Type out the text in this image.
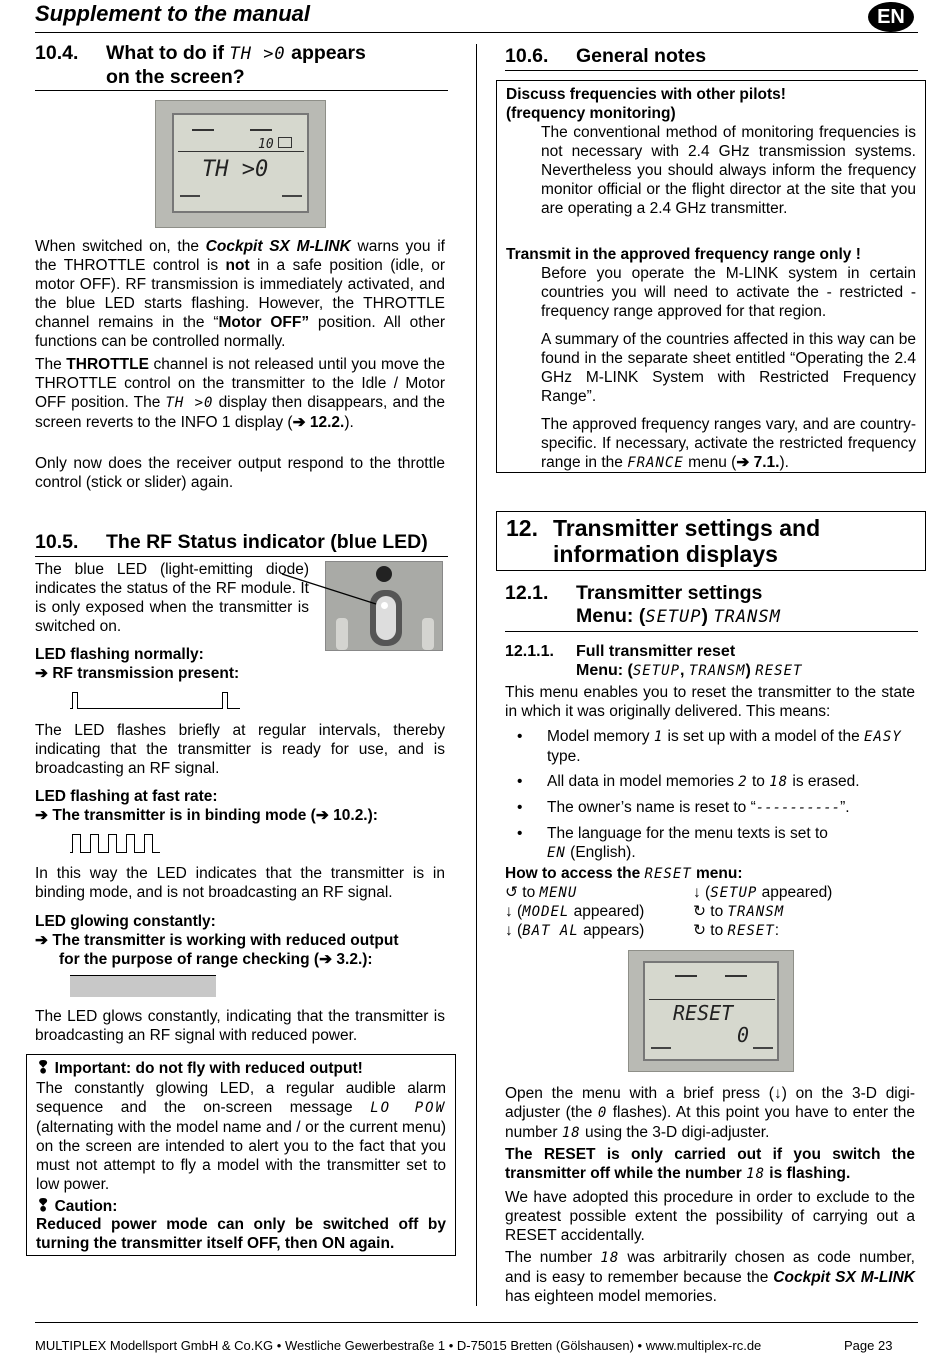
Supplement to the manual	EN
10.4. What to do if TH >0 appears
on the screen?
10
TH >0

When switched on, the Cockpit SX M-LINK warns you if the THROTTLE control is not in a safe position (idle, or motor OFF). RF transmission is immediately activated, and the blue LED starts flashing. However, the THROTTLE channel remains in the “Motor OFF” position. All other functions can be controlled normally.

The THROTTLE channel is not released until you move the THROTTLE control on the transmitter to the Idle / Motor OFF position. The TH >0 display then disappears, and the screen reverts to the INFO 1 display (➔ 12.2.).

Only now does the receiver output respond to the throttle control (stick or slider) again.

10.5. The RF Status indicator (blue LED)

The blue LED (light-emitting diode) indicates the status of the RF module. It is only exposed when the transmitter is switched on.

LED flashing normally:
➔ RF transmission present:

The LED flashes briefly at regular intervals, thereby indicating that the transmitter is ready for use, and is broadcasting an RF signal.

LED flashing at fast rate:
➔ The transmitter is in binding mode (➔ 10.2.):

In this way the LED indicates that the transmitter is in binding mode, and is not broadcasting an RF signal.

LED glowing constantly:
➔ The transmitter is working with reduced output
for the purpose of range checking (➔ 3.2.):

The LED glows constantly, indicating that the transmitter is broadcasting an RF signal with reduced power.

❢ Important: do not fly with reduced output!

The constantly glowing LED, a regular audible alarm sequence and the on-screen message LO POW (alternating with the model name and / or the current menu) on the screen are intended to alert you to the fact that you must not attempt to fly a model with the transmitter set to low power.

❢ Caution:

Reduced power mode can only be switched off by turning the transmitter itself OFF, then ON again.

10.6. General notes
Discuss frequencies with other pilots!
(frequency monitoring)

The conventional method of monitoring frequencies is not necessary with 2.4 GHz transmission systems. Nevertheless you should always inform the frequency monitor official or the flight director at the site that you are operating a 2.4 GHz transmitter.

Transmit in the approved frequency range only !

Before you operate the M-LINK system in certain countries you will need to activate the - restricted - frequency range approved for that region.

A summary of the countries affected in this way can be found in the separate sheet entitled “Operating the 2.4 GHz M-LINK System with Restricted Frequency Range”.

The approved frequency ranges vary, and are country-specific. If necessary, activate the restricted frequency range in the FRANCE menu (➔ 7.1.).

12. Transmitter settings and
information displays
12.1. Transmitter settings
Menu: (SETUP) TRANSM
12.1.1. Full transmitter reset
Menu: (SETUP, TRANSM) RESET

This menu enables you to reset the transmitter to the state in which it was originally delivered. This means:

• Model memory 1 is set up with a model of the EASY type.
• All data in model memories 2 to 18 is erased.
• The owner’s name is reset to “----------”.
• The language for the menu texts is set to
EN (English).
How to access the RESET menu:
↺ to MENU	↓ (SETUP appeared)
↓ (MODEL appeared)	↻ to TRANSM
↓ (BAT AL appears)	↻ to RESET:
RESET
0

Open the menu with a brief press (↓) on the 3-D digi-adjuster (the 0 flashes). At this point you have to enter the number 18 using the 3-D digi-adjuster.

The RESET is only carried out if you switch the transmitter off while the number 18 is flashing.

We have adopted this procedure in order to exclude to the greatest possible extent the possibility of carrying out a RESET accidentally.

The number 18 was arbitrarily chosen as code number, and is easy to remember because the Cockpit SX M-LINK has eighteen model memories.

MULTIPLEX Modellsport GmbH & Co.KG • Westliche Gewerbestraße 1 • D-75015 Bretten (Gölshausen) • www.multiplex-rc.de	Page 23
